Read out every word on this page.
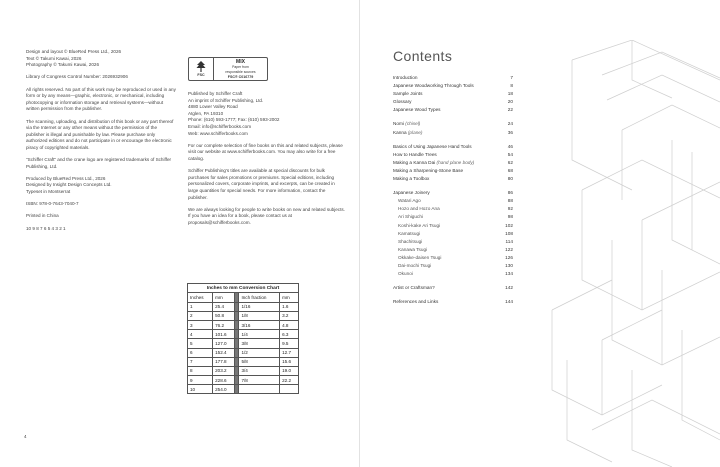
Design and layout © BlueRed Press Ltd., 2026
Text © Takumi Kawai, 2026
Photography © Takumi Kawai, 2026

Library of Congress Control Number: 2026932906

All rights reserved. No part of this work may be reproduced or used in any form or by any means—graphic, electronic, or mechanical, including photocopying or information storage and retrieval systems—without written permission from the publisher.

The scanning, uploading, and distribution of this book or any part thereof via the Internet or any other means without the permission of the publisher is illegal and punishable by law. Please purchase only authorized editions and do not participate in or encourage the electronic piracy of copyrighted materials.

"Schiffer Craft" and the crane logo are registered trademarks of Schiffer Publishing, Ltd.

Produced by BlueRed Press Ltd., 2026
Designed by Insight Design Concepts Ltd.
Typeset in Montserrat

ISBN: 978-0-7643-7040-7

Printed in China

10 9 8 7 6 5 4 3 2 1

FSC
MIX
Paper from
responsible sources
FSC® C016779

Published by Schiffer Craft
An imprint of Schiffer Publishing, Ltd.
4880 Lower Valley Road
Atglen, PA 19310
Phone: (610) 593-1777; Fax: (610) 593-2002
Email: info@schifferbooks.com
Web: www.schifferbooks.com

For our complete selection of fine books on this and related subjects, please visit our website at www.schifferbooks.com. You may also write for a free catalog.

Schiffer Publishing's titles are available at special discounts for bulk purchases for sales promotions or premiums. Special editions, including personalized covers, corporate imprints, and excerpts, can be created in large quantities for special needs. For more information, contact the publisher.

We are always looking for people to write books on new and related subjects. If you have an idea for a book, please contact us at proposals@schifferbooks.com.

Inches to mm Conversion Chart				
Inches	mm		Inch fraction	mm
1	25.4		1/16	1.6
2	50.8		1/8	3.2
3	76.2		3/16	4.8
4	101.6		1/4	6.3
5	127.0		3/8	9.5
6	152.4		1/2	12.7
7	177.8		5/8	15.6
8	203.2		3/4	19.0
9	228.6		7/8	22.2
10	254.0			
4
Contents
Introduction	7
Japanese Woodworking Through Tools	8
Sample Joints	18
Glossary	20
Japanese Wood Types	22
Nomi (chisel)	24
Kanna (plane)	36
Basics of Using Japanese Hand Tools	46
How to Handle Trees	54
Making a Kanna Dai (hand plane body)	62
Making a Sharpening-Stone Base	68
Making a Toolbox	80
Japanese Joinery	86
Watari Ago	88
Hozo and Hozo Ana	92
Ari Shiguchi	98
Koshi-kake Ari Tsugi	102
Kamatsugi	108
Shachitsugi	114
Kanawa Tsugi	122
Okkake-daisen Tsugi	126
Dai-mochi Tsugi	130
Okunoi	134
Artist or Craftsman?	142
References and Links	144
